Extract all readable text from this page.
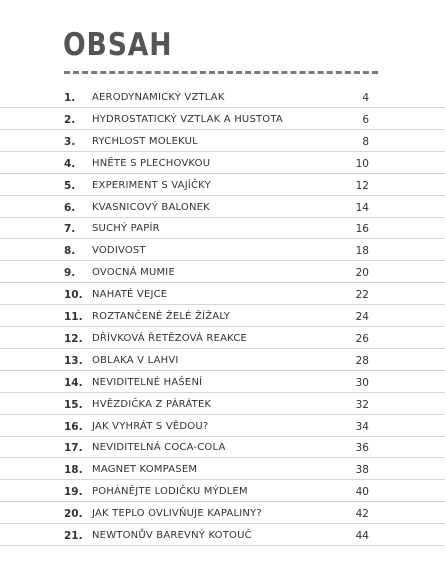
OBSAH
1. AERODYNAMICKÝ VZTLAK	4
2. HYDROSTATICKÝ VZTLAK A HUSTOTA	6
3. RYCHLOST MOLEKUL	8
4. HNĚTE S PLECHOVKOU	10
5. EXPERIMENT S VAJÍČKY	12
6. KVASNICOVÝ BALONEK	14
7. SUCHÝ PAPÍR	16
8. VODIVOST	18
9. OVOCNÁ MUMIE	20
10. NAHATÉ VEJCE	22
11. ROZTANČENÉ ŽELÉ ŽÍŽALY	24
12. DŘÍVKOVÁ ŘETĚZOVÁ REAKCE	26
13. OBLAKA V LAHVI	28
14. NEVIDITELNÉ HAŠENÍ	30
15. HVĚZDIČKA Z PÁRÁTEK	32
16. JAK VYHRÁT S VĚDOU?	34
17. NEVIDITELNÁ COCA-COLA	36
18. MAGNET KOMPASEM	38
19. POHÁNĚJTE LODIČKU MÝDLEM	40
20. JAK TEPLO OVLIVŇUJE KAPALINY?	42
21. NEWTONŮV BAREVNÝ KOTOUČ	44
